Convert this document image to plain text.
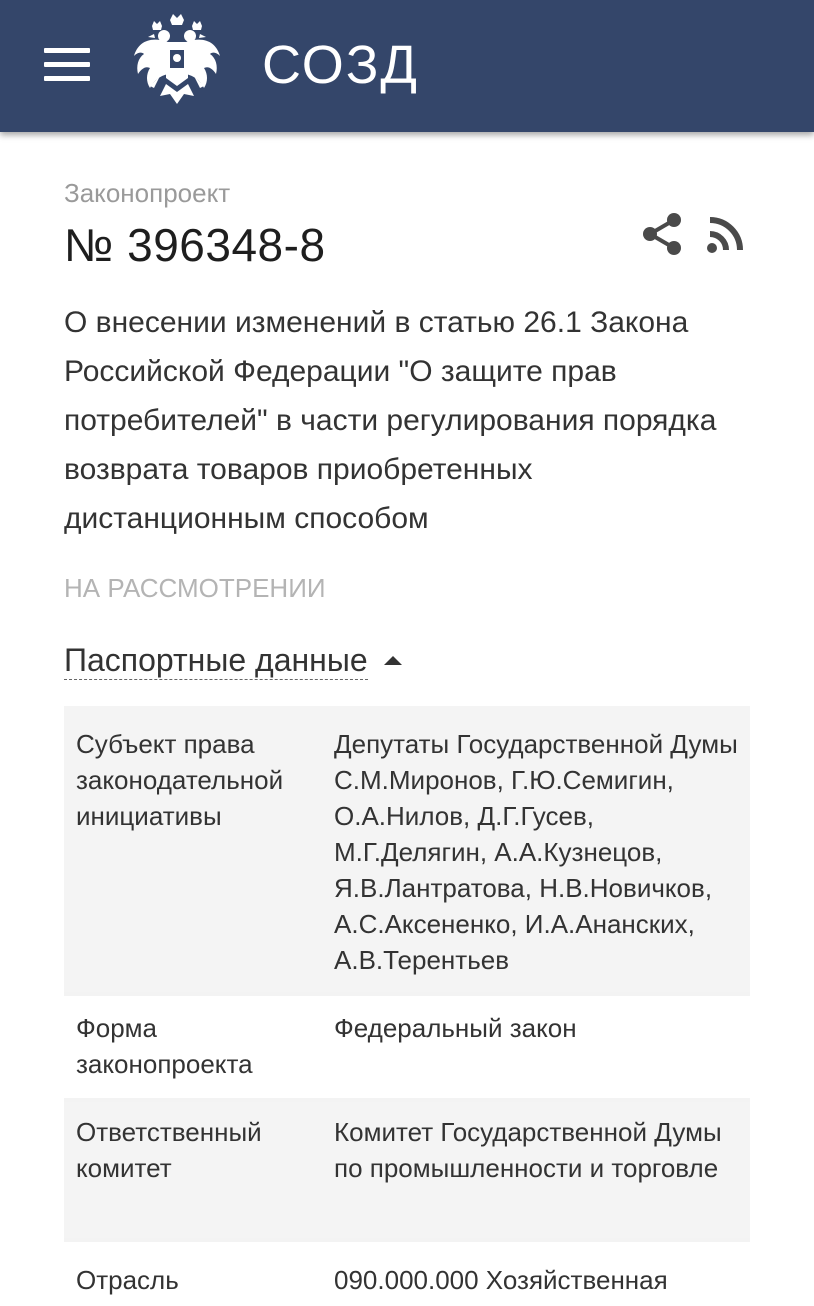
СОЗД
Законопроект
№ 396348-8
О внесении изменений в статью 26.1 Закона Российской Федерации "О защите прав потребителей" в части регулирования порядка возврата товаров приобретенных дистанционным способом
НА РАССМОТРЕНИИ
Паспортные данные
Субъект права законодательной инициативы
Депутаты Государственной Думы С.М.Миронов, Г.Ю.Семигин, О.А.Нилов, Д.Г.Гусев, М.Г.Делягин, А.А.Кузнецов, Я.В.Лантратова, Н.В.Новичков, А.С.Аксененко, И.А.Ананских, А.В.Терентьев
Форма законопроекта
Федеральный закон
Ответственный комитет
Комитет Государственной Думы по промышленности и торговле
Отрасль	090.000.000 Хозяйственная
